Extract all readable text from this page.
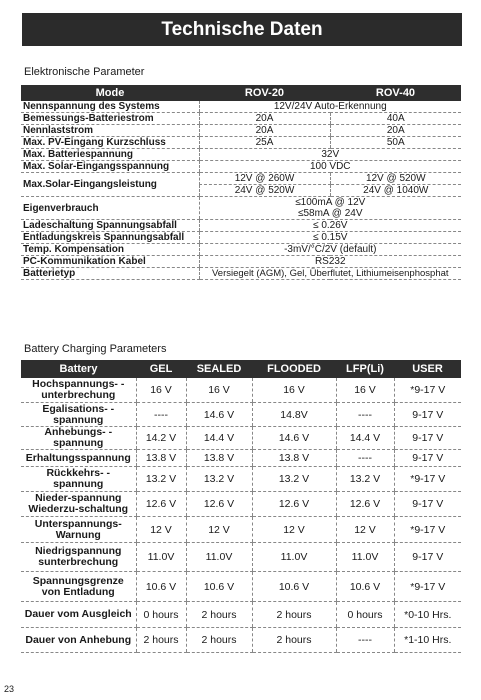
Technische Daten
Elektronische Parameter
Mode	ROV-20	ROV-40
Nennspannung des Systems	12V/24V Auto-Erkennung	
Bemessungs-Batteriestrom	20A	40A
Nennlaststrom	20A	20A
Max. PV-Eingang Kurzschluss	25A	50A
Max. Batteriespannung	32V	
Max. Solar-Eingangsspannung	100 VDC	
Max.Solar-Eingangsleistung	12V @ 260W	12V @ 520W
	24V @ 520W	24V @ 1040W
Eigenverbrauch	≤100mA @ 12V
≤58mA @ 24V	

Ladeschaltung Spannungsabfall	≤ 0.26V	
Entladungskreis Spannungsabfall	≤ 0.15V	
Temp. Kompensation	-3mV/°C/2V (default)	
PC-Kommunikation Kabel	RS232	
Batterietyp	Versiegelt (AGM), Gel, Überflutet, Lithiumeisenphosphat	
Battery Charging Parameters
Battery	GEL	SEALED	FLOODED	LFP(Li)	USER
Hochspannungs- -unterbrechung	16 V	16 V	16 V	16 V	*9-17 V
Egalisations- -spannung	----	14.6 V	14.8V	----	9-17 V
Anhebungs- -spannung	14.2 V	14.4 V	14.6 V	14.4 V	9-17 V
Erhaltungsspannung	13.8 V	13.8 V	13.8 V	----	9-17 V
Rückkehrs- -spannung	13.2 V	13.2 V	13.2 V	13.2 V	*9-17 V
Nieder-spannung Wiederzu-schaltung	12.6 V	12.6 V	12.6 V	12.6 V	9-17 V
Unterspannungs- Warnung	12 V	12 V	12 V	12 V	*9-17 V
Niedrigspannung sunterbrechung	11.0V	11.0V	11.0V	11.0V	9-17 V
Spannungsgrenze von Entladung	10.6 V	10.6 V	10.6 V	10.6 V	*9-17 V
Dauer vom Ausgleich	0 hours	2 hours	2 hours	0 hours	*0-10 Hrs.
Dauer von Anhebung	2 hours	2 hours	2 hours	----	*1-10 Hrs.
23
